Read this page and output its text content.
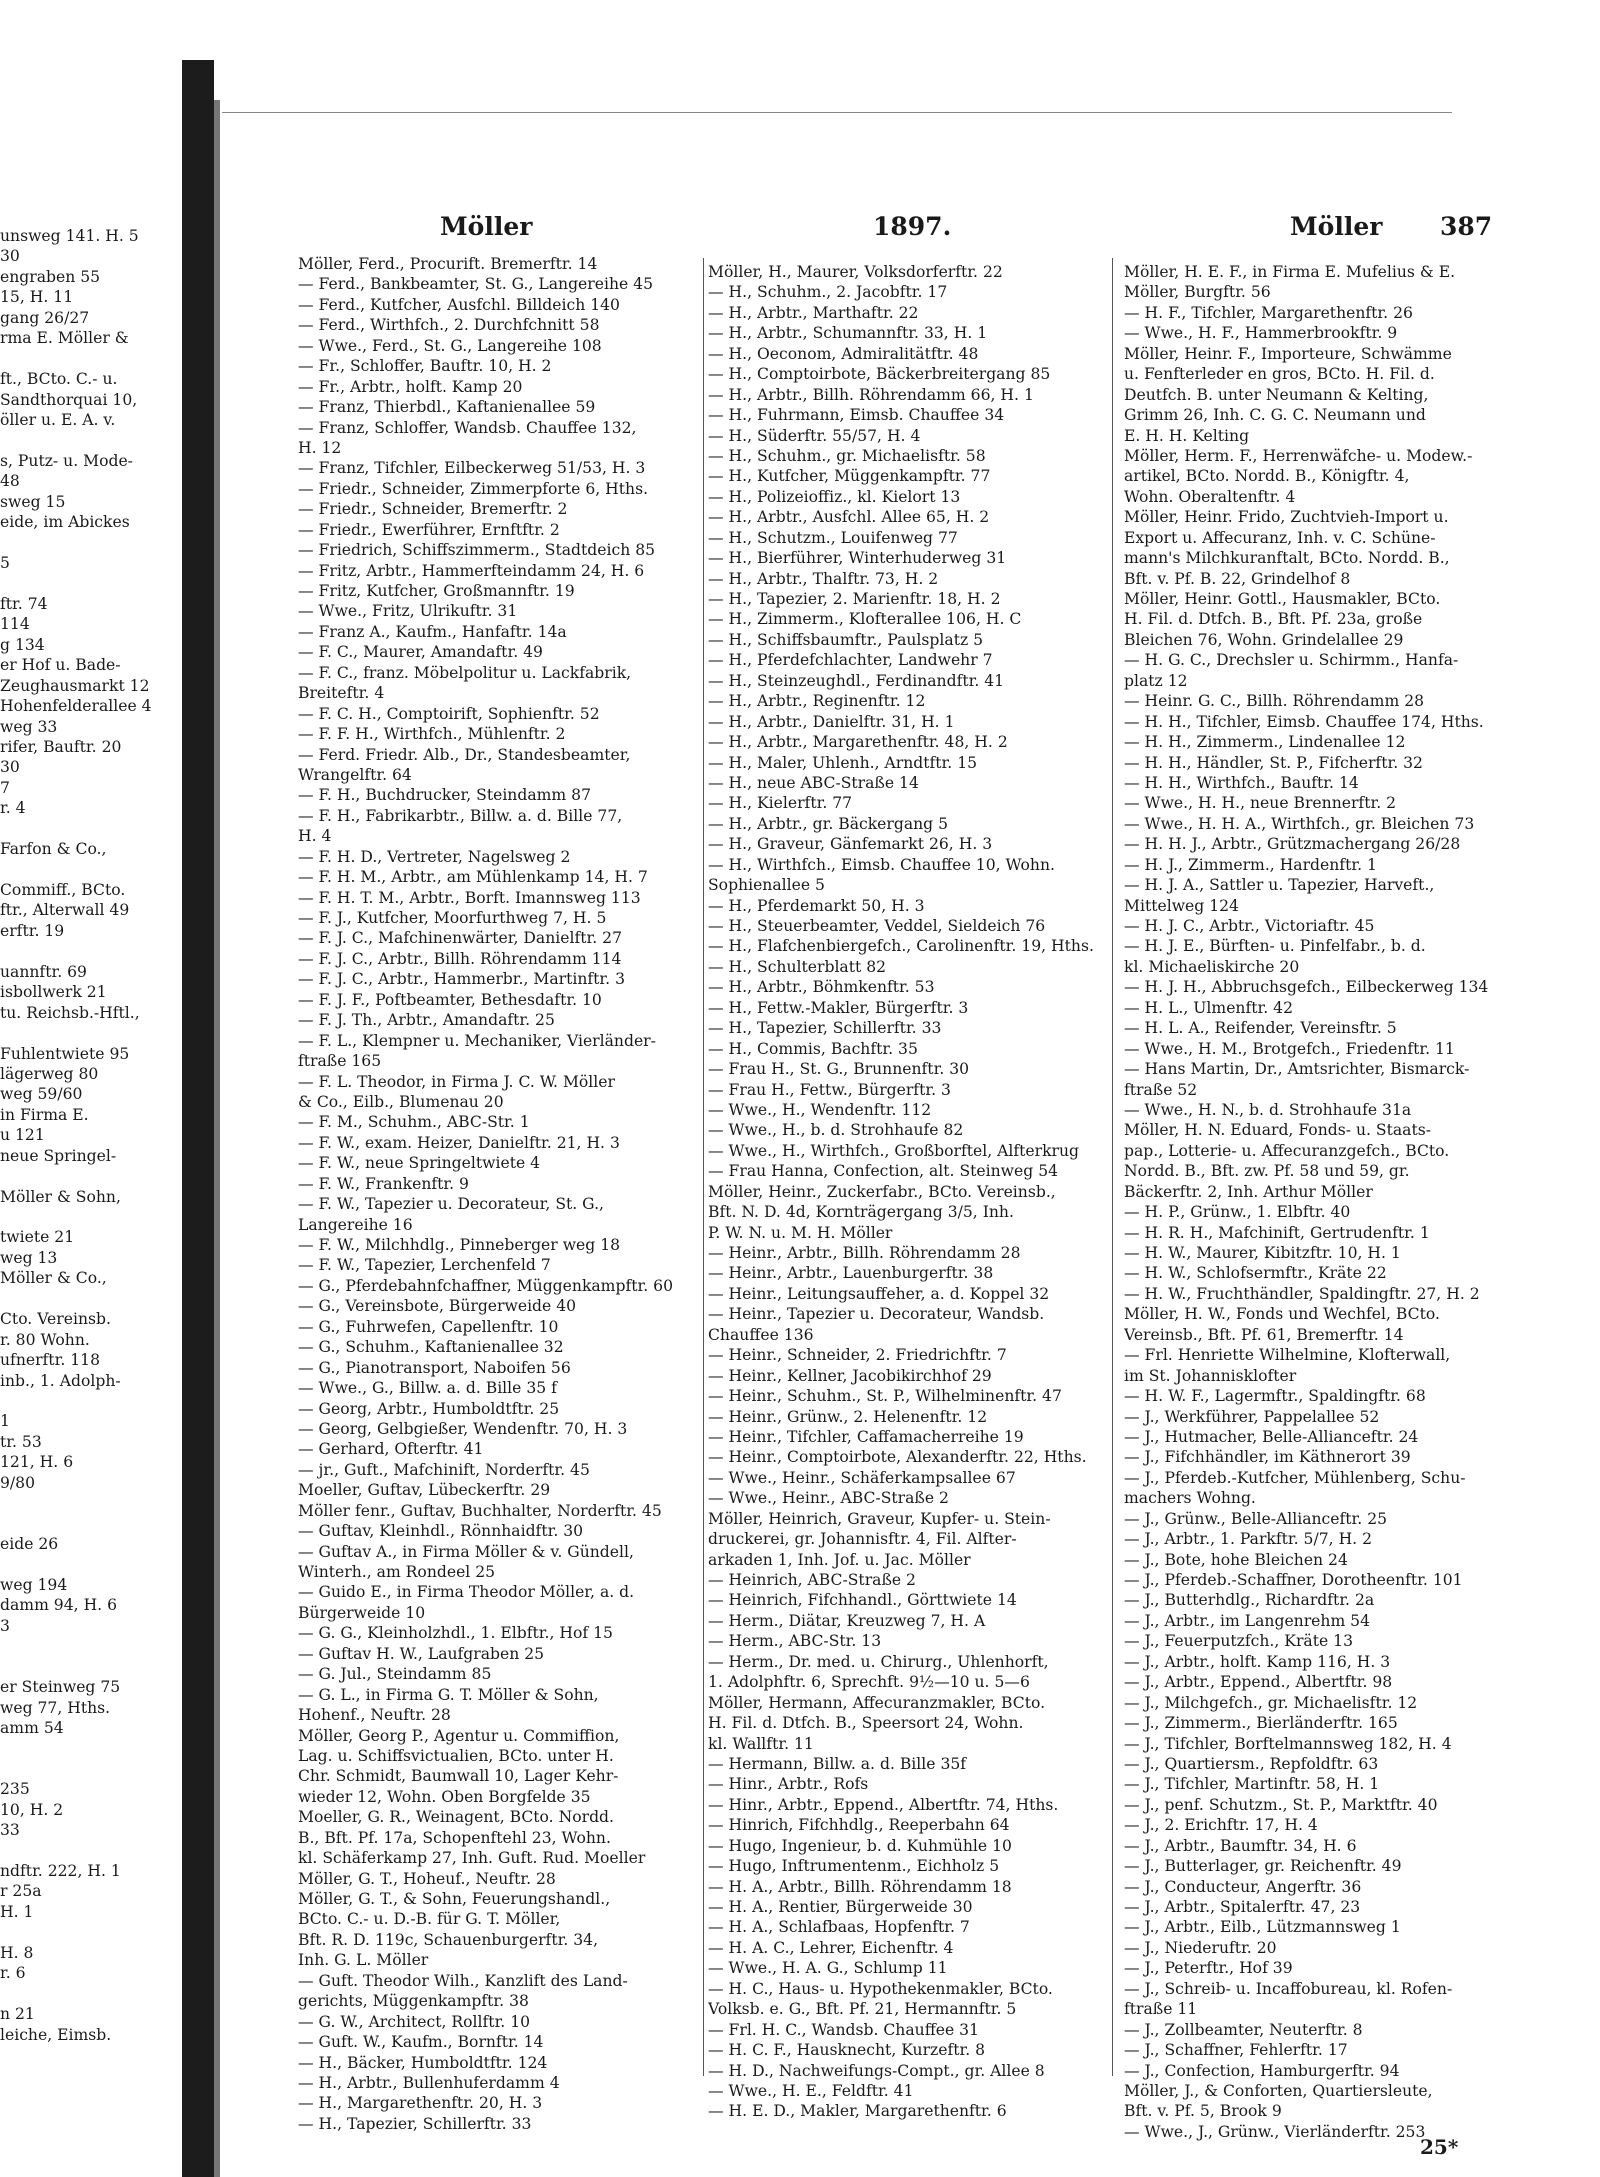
Möller	1897.	Möller 387
unsweg 141. H. 5
30
engraben 55
15, H. 11
gang 26/27
rma E. Möller &
ft., BCto. C.- u.
Sandthorquai 10,
öller u. E. A. v.
s, Putz- u. Mode-
48
sweg 15
eide, im Abickes
5
ftr. 74
114
g 134
er Hof u. Bade-
Zeughausmarkt 12
Hohenfelderallee 4
weg 33
rifer, Bauftr. 20
30
7
r. 4
Farfon & Co.,
Commiff., BCto.
ftr., Alterwall 49
erftr. 19
uannftr. 69
isbollwerk 21
tu. Reichsb.-Hftl.,
Fuhlentwiete 95
lägerweg 80
weg 59/60
in Firma E.
u 121
neue Springel-
Möller & Sohn,
twiete 21
weg 13
Möller & Co.,
Cto. Vereinsb.
r. 80 Wohn.
ufnerftr. 118
inb., 1. Adolph-
1
tr. 53
121, H. 6
9/80
eide 26
weg 194
damm 94, H. 6
3
er Steinweg 75
weg 77, Hths.
amm 54
235
10, H. 2
33
ndftr. 222, H. 1
r 25a
H. 1
H. 8
r. 6
n 21
leiche, Eimsb.
Möller, Ferd., Procurift. Bremerftr. 14
— Ferd., Bankbeamter, St. G., Langereihe 45
— Ferd., Kutfcher, Ausfchl. Billdeich 140
— Ferd., Wirthfch., 2. Durchfchnitt 58
— Wwe., Ferd., St. G., Langereihe 108
— Fr., Schloffer, Bauftr. 10, H. 2
— Fr., Arbtr., holft. Kamp 20
— Franz, Thierbdl., Kaftanienallee 59
— Franz, Schloffer, Wandsb. Chauffee 132,
H. 12
— Franz, Tifchler, Eilbeckerweg 51/53, H. 3
— Friedr., Schneider, Zimmerpforte 6, Hths.
— Friedr., Schneider, Bremerftr. 2
— Friedr., Ewerführer, Ernftftr. 2
— Friedrich, Schiffszimmerm., Stadtdeich 85
— Fritz, Arbtr., Hammerfteindamm 24, H. 6
— Fritz, Kutfcher, Großmannftr. 19
— Wwe., Fritz, Ulrikuftr. 31
— Franz A., Kaufm., Hanfaftr. 14a
— F. C., Maurer, Amandaftr. 49
— F. C., franz. Möbelpolitur u. Lackfabrik,
Breiteftr. 4
— F. C. H., Comptoirift, Sophienftr. 52
— F. F. H., Wirthfch., Mühlenftr. 2
— Ferd. Friedr. Alb., Dr., Standesbeamter,
Wrangelftr. 64
— F. H., Buchdrucker, Steindamm 87
— F. H., Fabrikarbtr., Billw. a. d. Bille 77,
H. 4
— F. H. D., Vertreter, Nagelsweg 2
— F. H. M., Arbtr., am Mühlenkamp 14, H. 7
— F. H. T. M., Arbtr., Borft. Imannsweg 113
— F. J., Kutfcher, Moorfurthweg 7, H. 5
— F. J. C., Mafchinenwärter, Danielftr. 27
— F. J. C., Arbtr., Billh. Röhrendamm 114
— F. J. C., Arbtr., Hammerbr., Martinftr. 3
— F. J. F., Poftbeamter, Bethesdaftr. 10
— F. J. Th., Arbtr., Amandaftr. 25
— F. L., Klempner u. Mechaniker, Vierländer-
ftraße 165
— F. L. Theodor, in Firma J. C. W. Möller
& Co., Eilb., Blumenau 20
— F. M., Schuhm., ABC-Str. 1
— F. W., exam. Heizer, Danielftr. 21, H. 3
— F. W., neue Springeltwiete 4
— F. W., Frankenftr. 9
— F. W., Tapezier u. Decorateur, St. G.,
Langereihe 16
— F. W., Milchhdlg., Pinneberger weg 18
— F. W., Tapezier, Lerchenfeld 7
— G., Pferdebahnfchaffner, Müggenkampftr. 60
— G., Vereinsbote, Bürgerweide 40
— G., Fuhrwefen, Capellenftr. 10
— G., Schuhm., Kaftanienallee 32
— G., Pianotransport, Naboifen 56
— Wwe., G., Billw. a. d. Bille 35 f
— Georg, Arbtr., Humboldtftr. 25
— Georg, Gelbgießer, Wendenftr. 70, H. 3
— Gerhard, Ofterftr. 41
— jr., Guft., Mafchinift, Norderftr. 45
Moeller, Guftav, Lübeckerftr. 29
Möller fenr., Guftav, Buchhalter, Norderftr. 45
— Guftav, Kleinhdl., Rönnhaidftr. 30
— Guftav A., in Firma Möller & v. Gündell,
Winterh., am Rondeel 25
— Guido E., in Firma Theodor Möller, a. d.
Bürgerweide 10
— G. G., Kleinholzhdl., 1. Elbftr., Hof 15
— Guftav H. W., Laufgraben 25
— G. Jul., Steindamm 85
— G. L., in Firma G. T. Möller & Sohn,
Hohenf., Neuftr. 28
Möller, Georg P., Agentur u. Commiffion,
Lag. u. Schiffsvictualien, BCto. unter H.
Chr. Schmidt, Baumwall 10, Lager Kehr-
wieder 12, Wohn. Oben Borgfelde 35
Moeller, G. R., Weinagent, BCto. Nordd.
B., Bft. Pf. 17a, Schopenftehl 23, Wohn.
kl. Schäferkamp 27, Inh. Guft. Rud. Moeller
Möller, G. T., Hoheuf., Neuftr. 28
Möller, G. T., & Sohn, Feuerungshandl.,
BCto. C.- u. D.-B. für G. T. Möller,
Bft. R. D. 119c, Schauenburgerftr. 34,
Inh. G. L. Möller
— Guft. Theodor Wilh., Kanzlift des Land-
gerichts, Müggenkampftr. 38
— G. W., Architect, Rollftr. 10
— Guft. W., Kaufm., Bornftr. 14
— H., Bäcker, Humboldtftr. 124
— H., Arbtr., Bullenhuferdamm 4
— H., Margarethenftr. 20, H. 3
— H., Tapezier, Schillerftr. 33
Möller, H., Maurer, Volksdorferftr. 22
— H., Schuhm., 2. Jacobftr. 17
— H., Arbtr., Marthaftr. 22
— H., Arbtr., Schumannftr. 33, H. 1
— H., Oeconom, Admiralitätftr. 48
— H., Comptoirbote, Bäckerbreitergang 85
— H., Arbtr., Billh. Röhrendamm 66, H. 1
— H., Fuhrmann, Eimsb. Chauffee 34
— H., Süderftr. 55/57, H. 4
— H., Schuhm., gr. Michaelisftr. 58
— H., Kutfcher, Müggenkampftr. 77
— H., Polizeioffiz., kl. Kielort 13
— H., Arbtr., Ausfchl. Allee 65, H. 2
— H., Schutzm., Louifenweg 77
— H., Bierführer, Winterhuderweg 31
— H., Arbtr., Thalftr. 73, H. 2
— H., Tapezier, 2. Marienftr. 18, H. 2
— H., Zimmerm., Klofterallee 106, H. C
— H., Schiffsbaumftr., Paulsplatz 5
— H., Pferdefchlachter, Landwehr 7
— H., Steinzeughdl., Ferdinandftr. 41
— H., Arbtr., Reginenftr. 12
— H., Arbtr., Danielftr. 31, H. 1
— H., Arbtr., Margarethenftr. 48, H. 2
— H., Maler, Uhlenh., Arndtftr. 15
— H., neue ABC-Straße 14
— H., Kielerftr. 77
— H., Arbtr., gr. Bäckergang 5
— H., Graveur, Gänfemarkt 26, H. 3
— H., Wirthfch., Eimsb. Chauffee 10, Wohn.
Sophienallee 5
— H., Pferdemarkt 50, H. 3
— H., Steuerbeamter, Veddel, Sieldeich 76
— H., Flafchenbiergefch., Carolinenftr. 19, Hths.
— H., Schulterblatt 82
— H., Arbtr., Böhmkenftr. 53
— H., Fettw.-Makler, Bürgerftr. 3
— H., Tapezier, Schillerftr. 33
— H., Commis, Bachftr. 35
— Frau H., St. G., Brunnenftr. 30
— Frau H., Fettw., Bürgerftr. 3
— Wwe., H., Wendenftr. 112
— Wwe., H., b. d. Strohhaufe 82
— Wwe., H., Wirthfch., Großborftel, Alfterkrug
— Frau Hanna, Confection, alt. Steinweg 54
Möller, Heinr., Zuckerfabr., BCto. Vereinsb.,
Bft. N. D. 4d, Kornträgergang 3/5, Inh.
P. W. N. u. M. H. Möller
— Heinr., Arbtr., Billh. Röhrendamm 28
— Heinr., Arbtr., Lauenburgerftr. 38
— Heinr., Leitungsauffeher, a. d. Koppel 32
— Heinr., Tapezier u. Decorateur, Wandsb.
Chauffee 136
— Heinr., Schneider, 2. Friedrichftr. 7
— Heinr., Kellner, Jacobikirchhof 29
— Heinr., Schuhm., St. P., Wilhelminenftr. 47
— Heinr., Grünw., 2. Helenenftr. 12
— Heinr., Tifchler, Caffamacherreihe 19
— Heinr., Comptoirbote, Alexanderftr. 22, Hths.
— Wwe., Heinr., Schäferkampsallee 67
— Wwe., Heinr., ABC-Straße 2
Möller, Heinrich, Graveur, Kupfer- u. Stein-
druckerei, gr. Johannisftr. 4, Fil. Alfter-
arkaden 1, Inh. Jof. u. Jac. Möller
— Heinrich, ABC-Straße 2
— Heinrich, Fifchhandl., Görttwiete 14
— Herm., Diätar, Kreuzweg 7, H. A
— Herm., ABC-Str. 13
— Herm., Dr. med. u. Chirurg., Uhlenhorft,
1. Adolphftr. 6, Sprechft. 9½—10 u. 5—6
Möller, Hermann, Affecuranzmakler, BCto.
H. Fil. d. Dtfch. B., Speersort 24, Wohn.
kl. Wallftr. 11
— Hermann, Billw. a. d. Bille 35f
— Hinr., Arbtr., Rofs
— Hinr., Arbtr., Eppend., Albertftr. 74, Hths.
— Hinrich, Fifchhdlg., Reeperbahn 64
— Hugo, Ingenieur, b. d. Kuhmühle 10
— Hugo, Inftrumentenm., Eichholz 5
— H. A., Arbtr., Billh. Röhrendamm 18
— H. A., Rentier, Bürgerweide 30
— H. A., Schlafbaas, Hopfenftr. 7
— H. A. C., Lehrer, Eichenftr. 4
— Wwe., H. A. G., Schlump 11
— H. C., Haus- u. Hypothekenmakler, BCto.
Volksb. e. G., Bft. Pf. 21, Hermannftr. 5
— Frl. H. C., Wandsb. Chauffee 31
— H. C. F., Hausknecht, Kurzeftr. 8
— H. D., Nachweifungs-Compt., gr. Allee 8
— Wwe., H. E., Feldftr. 41
— H. E. D., Makler, Margarethenftr. 6
Möller, H. E. F., in Firma E. Mufelius & E.
Möller, Burgftr. 56
— H. F., Tifchler, Margarethenftr. 26
— Wwe., H. F., Hammerbrookftr. 9
Möller, Heinr. F., Importeure, Schwämme
u. Fenfterleder en gros, BCto. H. Fil. d.
Deutfch. B. unter Neumann & Kelting,
Grimm 26, Inh. C. G. C. Neumann und
E. H. H. Kelting
Möller, Herm. F., Herrenwäfche- u. Modew.-
artikel, BCto. Nordd. B., Königftr. 4,
Wohn. Oberaltenftr. 4
Möller, Heinr. Frido, Zuchtvieh-Import u.
Export u. Affecuranz, Inh. v. C. Schüne-
mann's Milchkuranftalt, BCto. Nordd. B.,
Bft. v. Pf. B. 22, Grindelhof 8
Möller, Heinr. Gottl., Hausmakler, BCto.
H. Fil. d. Dtfch. B., Bft. Pf. 23a, große
Bleichen 76, Wohn. Grindelallee 29
— H. G. C., Drechsler u. Schirmm., Hanfa-
platz 12
— Heinr. G. C., Billh. Röhrendamm 28
— H. H., Tifchler, Eimsb. Chauffee 174, Hths.
— H. H., Zimmerm., Lindenallee 12
— H. H., Händler, St. P., Fifcherftr. 32
— H. H., Wirthfch., Bauftr. 14
— Wwe., H. H., neue Brennerftr. 2
— Wwe., H. H. A., Wirthfch., gr. Bleichen 73
— H. H. J., Arbtr., Grützmachergang 26/28
— H. J., Zimmerm., Hardenftr. 1
— H. J. A., Sattler u. Tapezier, Harveft.,
Mittelweg 124
— H. J. C., Arbtr., Victoriaftr. 45
— H. J. E., Bürften- u. Pinfelfabr., b. d.
kl. Michaeliskirche 20
— H. J. H., Abbruchsgefch., Eilbeckerweg 134
— H. L., Ulmenftr. 42
— H. L. A., Reifender, Vereinsftr. 5
— Wwe., H. M., Brotgefch., Friedenftr. 11
— Hans Martin, Dr., Amtsrichter, Bismarck-
ftraße 52
— Wwe., H. N., b. d. Strohhaufe 31a
Möller, H. N. Eduard, Fonds- u. Staats-
pap., Lotterie- u. Affecuranzgefch., BCto.
Nordd. B., Bft. zw. Pf. 58 und 59, gr.
Bäckerftr. 2, Inh. Arthur Möller
— H. P., Grünw., 1. Elbftr. 40
— H. R. H., Mafchinift, Gertrudenftr. 1
— H. W., Maurer, Kibitzftr. 10, H. 1
— H. W., Schlofsermftr., Kräte 22
— H. W., Fruchthändler, Spaldingftr. 27, H. 2
Möller, H. W., Fonds und Wechfel, BCto.
Vereinsb., Bft. Pf. 61, Bremerftr. 14
— Frl. Henriette Wilhelmine, Klofterwall,
im St. Johannisklofter
— H. W. F., Lagermftr., Spaldingftr. 68
— J., Werkführer, Pappelallee 52
— J., Hutmacher, Belle-Allianceftr. 24
— J., Fifchhändler, im Käthnerort 39
— J., Pferdeb.-Kutfcher, Mühlenberg, Schu-
machers Wohng.
— J., Grünw., Belle-Allianceftr. 25
— J., Arbtr., 1. Parkftr. 5/7, H. 2
— J., Bote, hohe Bleichen 24
— J., Pferdeb.-Schaffner, Dorotheenftr. 101
— J., Butterhdlg., Richardftr. 2a
— J., Arbtr., im Langenrehm 54
— J., Feuerputzfch., Kräte 13
— J., Arbtr., holft. Kamp 116, H. 3
— J., Arbtr., Eppend., Albertftr. 98
— J., Milchgefch., gr. Michaelisftr. 12
— J., Zimmerm., Bierländerftr. 165
— J., Tifchler, Borftelmannsweg 182, H. 4
— J., Quartiersm., Repfoldftr. 63
— J., Tifchler, Martinftr. 58, H. 1
— J., penf. Schutzm., St. P., Marktftr. 40
— J., 2. Erichftr. 17, H. 4
— J., Arbtr., Baumftr. 34, H. 6
— J., Butterlager, gr. Reichenftr. 49
— J., Conducteur, Angerftr. 36
— J., Arbtr., Spitalerftr. 47, 23
— J., Arbtr., Eilb., Lützmannsweg 1
— J., Niederuftr. 20
— J., Peterftr., Hof 39
— J., Schreib- u. Incaffobureau, kl. Rofen-
ftraße 11
— J., Zollbeamter, Neuterftr. 8
— J., Schaffner, Fehlerftr. 17
— J., Confection, Hamburgerftr. 94
Möller, J., & Conforten, Quartiersleute,
Bft. v. Pf. 5, Brook 9
— Wwe., J., Grünw., Vierländerftr. 253
25*
